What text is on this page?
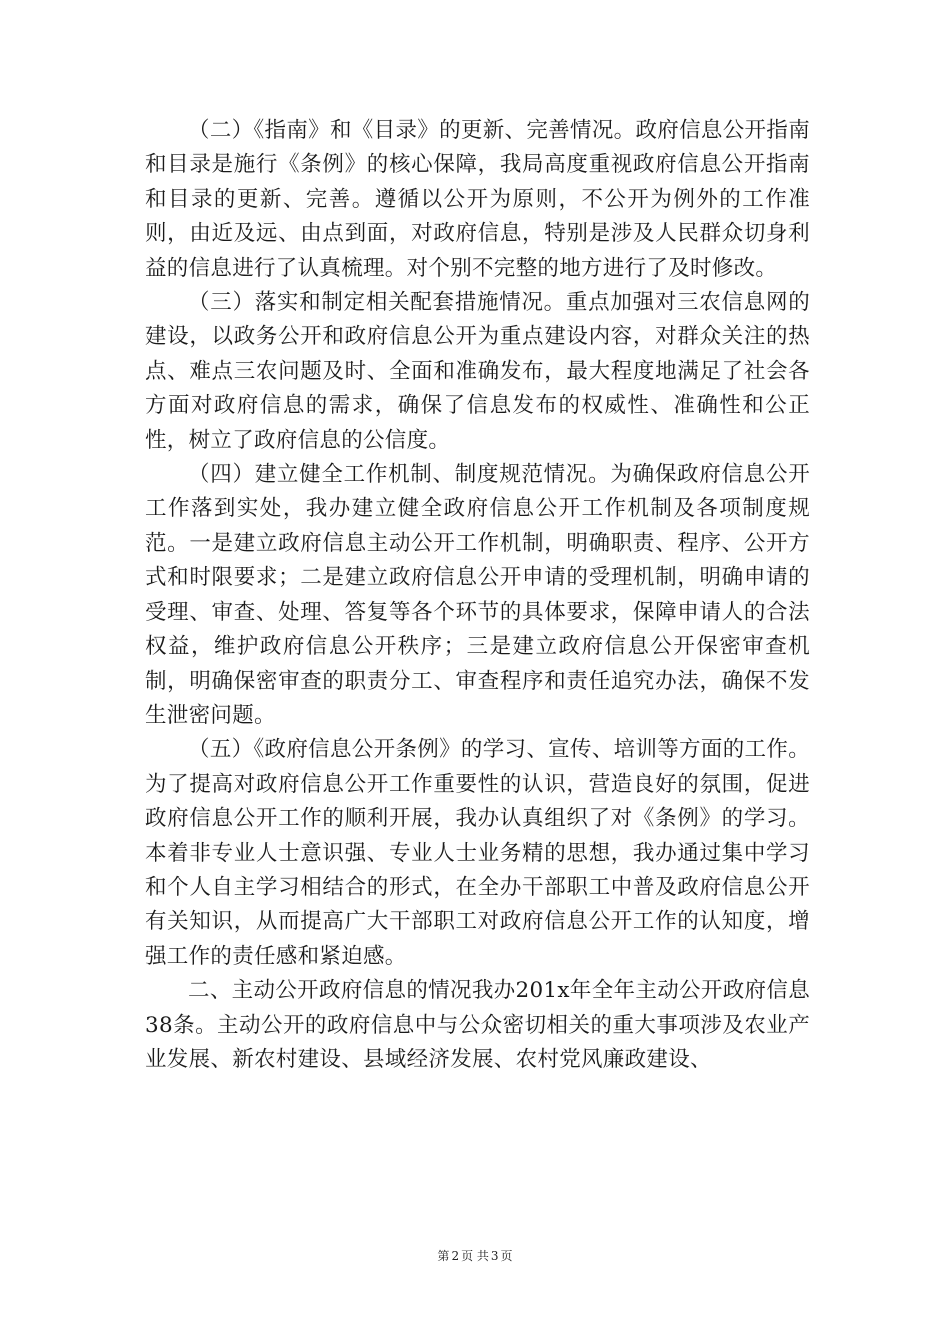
（二）《指南》和《目录》的更新、完善情况。政府信息公开指南和目录是施行《条例》的核心保障，我局高度重视政府信息公开指南和目录的更新、完善。遵循以公开为原则，不公开为例外的工作准则，由近及远、由点到面，对政府信息，特别是涉及人民群众切身利益的信息进行了认真梳理。对个别不完整的地方进行了及时修改。

（三）落实和制定相关配套措施情况。重点加强对三农信息网的建设，以政务公开和政府信息公开为重点建设内容，对群众关注的热点、难点三农问题及时、全面和准确发布，最大程度地满足了社会各方面对政府信息的需求，确保了信息发布的权威性、准确性和公正性，树立了政府信息的公信度。

（四）建立健全工作机制、制度规范情况。为确保政府信息公开工作落到实处，我办建立健全政府信息公开工作机制及各项制度规范。一是建立政府信息主动公开工作机制，明确职责、程序、公开方式和时限要求；二是建立政府信息公开申请的受理机制，明确申请的受理、审查、处理、答复等各个环节的具体要求，保障申请人的合法权益，维护政府信息公开秩序；三是建立政府信息公开保密审查机制，明确保密审查的职责分工、审查程序和责任追究办法，确保不发生泄密问题。

（五）《政府信息公开条例》的学习、宣传、培训等方面的工作。为了提高对政府信息公开工作重要性的认识，营造良好的氛围，促进政府信息公开工作的顺利开展，我办认真组织了对《条例》的学习。本着非专业人士意识强、专业人士业务精的思想，我办通过集中学习和个人自主学习相结合的形式，在全办干部职工中普及政府信息公开有关知识，从而提高广大干部职工对政府信息公开工作的认知度，增强工作的责任感和紧迫感。

二、主动公开政府信息的情况我办201x年全年主动公开政府信息38条。主动公开的政府信息中与公众密切相关的重大事项涉及农业产业发展、新农村建设、县域经济发展、农村党风廉政建设、

第 2 页 共 3 页
